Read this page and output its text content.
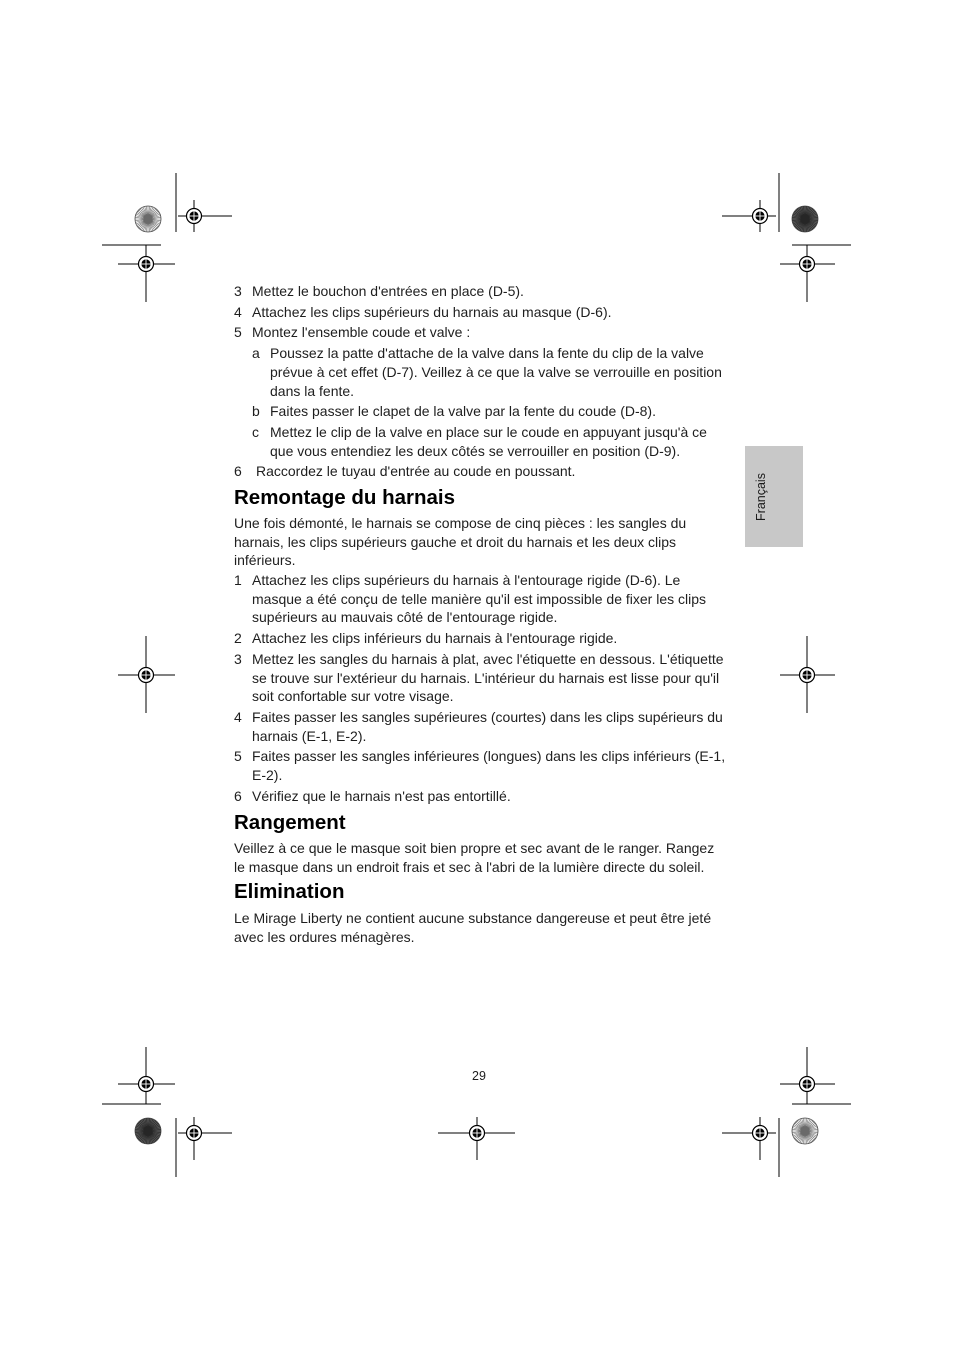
3 Mettez le bouchon d'entrées en place (D-5).
4 Attachez les clips supérieurs du harnais au masque (D-6).
5 Montez l'ensemble coude et valve :
a Poussez la patte d'attache de la valve dans la fente du clip de la valve
prévue à cet effet (D-7). Veillez à ce que la valve se verrouille en position
dans la fente.
b Faites passer le clapet de la valve par la fente du coude (D-8).
c Mettez le clip de la valve en place sur le coude en appuyant jusqu'à ce
que vous entendiez les deux côtés se verrouiller en position (D-9).
6	Raccordez le tuyau d'entrée au coude en poussant.
Remontage du harnais
Une fois démonté, le harnais se compose de cinq pièces : les sangles du
harnais, les clips supérieurs gauche et droit du harnais et les deux clips
inférieurs.
1 Attachez les clips supérieurs du harnais à l'entourage rigide (D-6). Le
masque a été conçu de telle manière qu'il est impossible de fixer les clips
supérieurs au mauvais côté de l'entourage rigide.
2 Attachez les clips inférieurs du harnais à l'entourage rigide.
3 Mettez les sangles du harnais à plat, avec l'étiquette en dessous. L'étiquette
se trouve sur l'extérieur du harnais. L'intérieur du harnais est lisse pour qu'il
soit confortable sur votre visage.
4 Faites passer les sangles supérieures (courtes) dans les clips supérieurs du
harnais (E-1, E-2).
5 Faites passer les sangles inférieures (longues) dans les clips inférieurs (E-1,
E-2).
6 Vérifiez que le harnais n'est pas entortillé.
Rangement
Veillez à ce que le masque soit bien propre et sec avant de le ranger. Rangez
le masque dans un endroit frais et sec à l'abri de la lumière directe du soleil.
Elimination
Le Mirage Liberty ne contient aucune substance dangereuse et peut être jeté
avec les ordures ménagères.
Français
29
